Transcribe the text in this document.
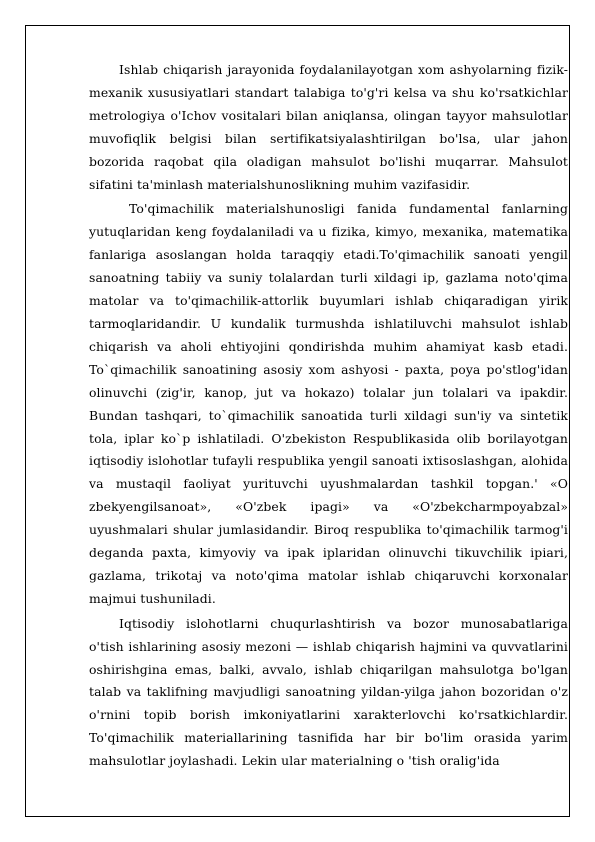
Ishlab chiqarish jarayonida foydalanilayotgan xom ashyolarning fizik-mexanik xususiyatlari standart talabiga to'g'ri kelsa va shu ko'rsatkichlar metrologiya o'Ichov vositalari bilan aniqlansa, olingan tayyor mahsulotlar muvofiqlik belgisi bilan sertifikatsiyalashtirilgan bo'lsa, ular jahon bozorida raqobat qila oladigan mahsulot bo'lishi muqarrar. Mahsulot sifatini ta'minlash materialshunoslikning muhim vazifasidir.

To'qimachilik materialshunosligi fanida fundamental fanlarning yutuqlaridan keng foydalaniladi va u fizika, kimyo, mexanika, matematika fanlariga asoslangan holda taraqqiy etadi.To'qimachilik sanoati yengil sanoatning tabiiy va suniy tolalardan turli xildagi ip, gazlama noto'qima matolar va to'qimachilik-attorlik buyumlari ishlab chiqaradigan yirik tarmoqlaridandir. U kundalik turmushda ishlatiluvchi mahsulot ishlab chiqarish va aholi ehtiyojini qondirishda muhim ahamiyat kasb etadi. To`qimachilik sanoatining asosiy xom ashyosi - paxta, poya po'stlog'idan olinuvchi (zig'ir, kanop, jut va hokazo) tolalar jun tolalari va ipakdir. Bundan tashqari, to`qimachilik sanoatida turli xildagi sun'iy va sintetik tola, iplar ko`p ishlatiladi. O'zbekiston Respublikasida olib borilayotgan iqtisodiy islohotlar tufayli respublika yengil sanoati ixtisoslashgan, alohida va mustaqil faoliyat yurituvchi uyushmalardan tashkil topgan.' «O zbekyengilsanoat», «O'zbek ipagi» va «O'zbekcharmpoyabzal» uyushmalari shular jumlasidandir. Biroq respublika to'qimachilik tarmog'i deganda paxta, kimyoviy va ipak iplaridan olinuvchi tikuvchilik ipiari, gazlama, trikotaj va noto'qima matolar ishlab chiqaruvchi korxonalar majmui tushuniladi.

Iqtisodiy islohotlarni chuqurlashtirish va bozor munosabatlariga o'tish ishlarining asosiy mezoni — ishlab chiqarish hajmini va quvvatlarini oshirishgina emas, balki, avvalo, ishlab chiqarilgan mahsulotga bo'lgan talab va taklifning mavjudligi sanoatning yildan-yilga jahon bozoridan o'z o'rnini topib borish imkoniyatlarini xarakterlovchi ko'rsatkichlardir. To'qimachilik materiallarining tasnifida har bir bo'lim orasida yarim mahsulotlar joylashadi. Lekin ular materialning o 'tish oralig'ida
